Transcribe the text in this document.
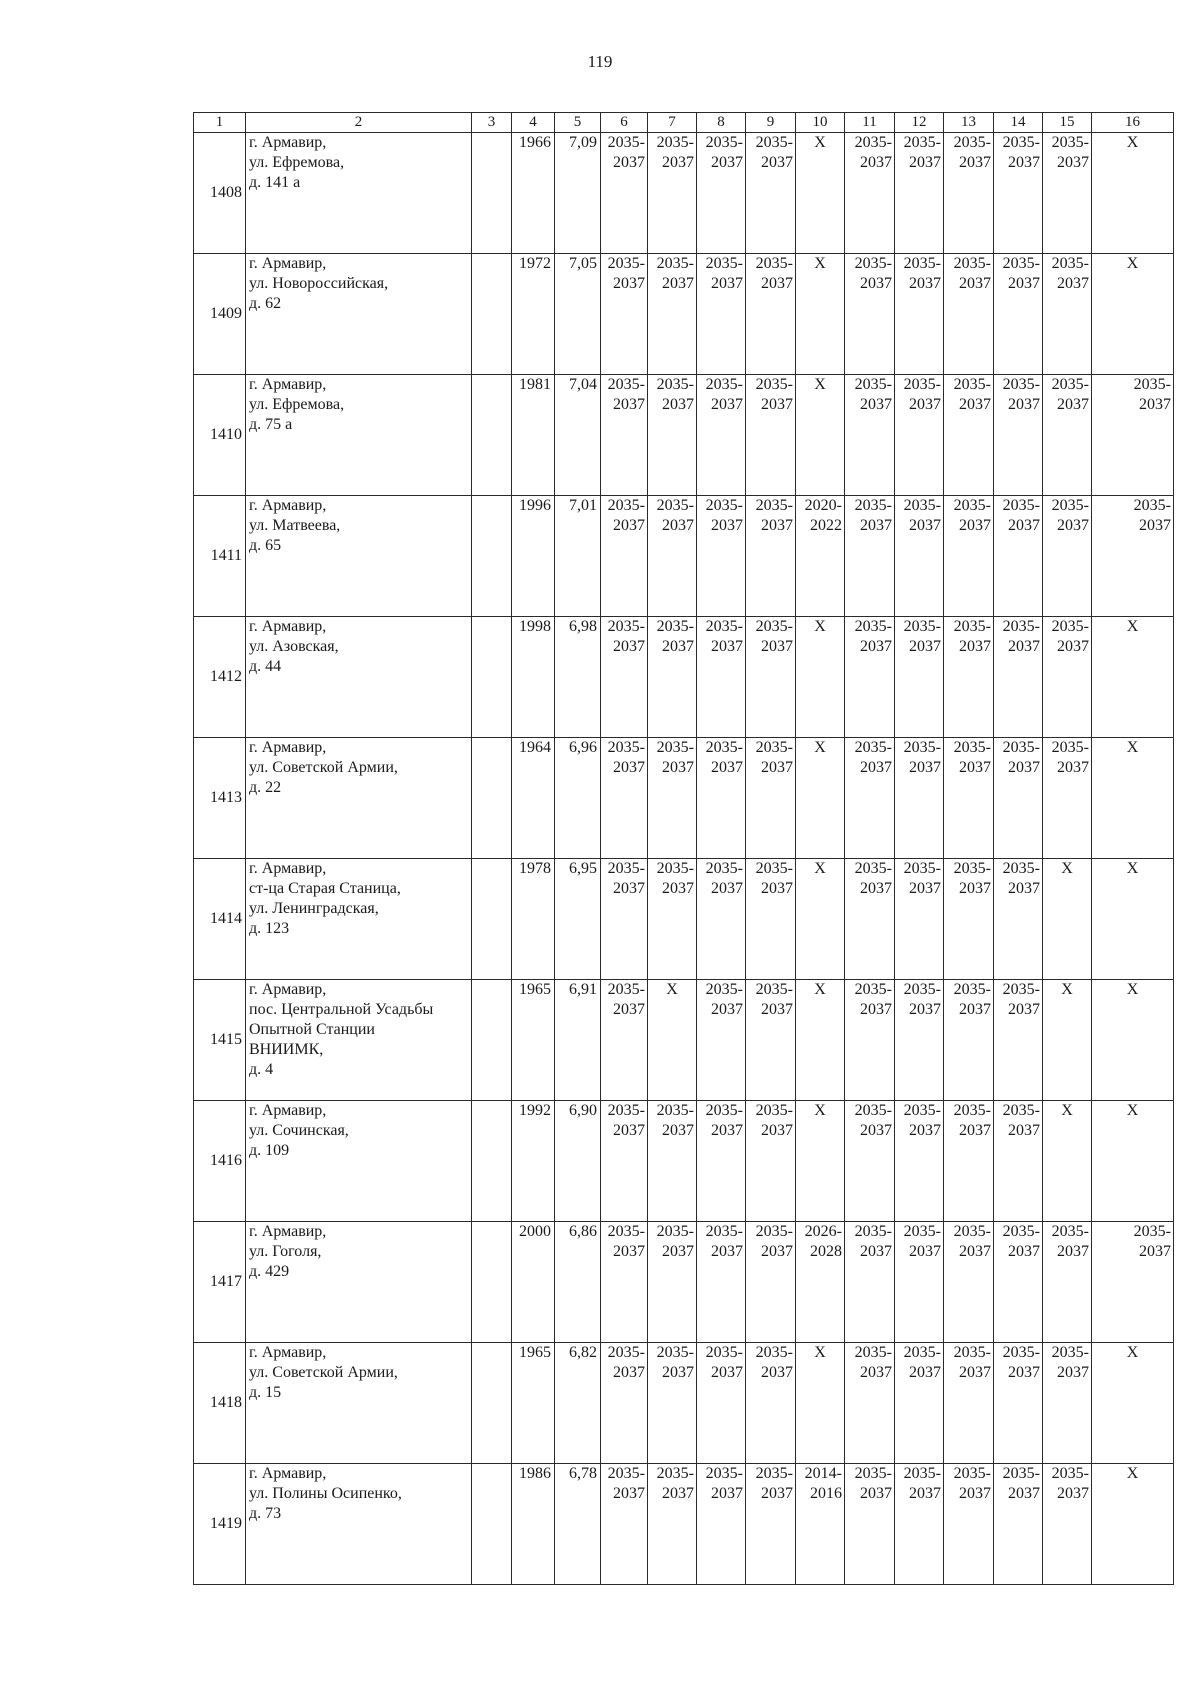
119
1	2	3	4	5	6	7	8	9	10	11	12	13	14	15	16
1408	г. Армавир,
ул. Ефремова,
д. 141 а		1966	7,09	2035-
2037	2035-
2037	2035-
2037	2035-
2037	X	2035-
2037	2035-
2037	2035-
2037	2035-
2037	2035-
2037	X

1409	г. Армавир,
ул. Новороссийская,
д. 62		1972	7,05	2035-
2037	2035-
2037	2035-
2037	2035-
2037	X	2035-
2037	2035-
2037	2035-
2037	2035-
2037	2035-
2037	X

1410	г. Армавир,
ул. Ефремова,
д. 75 а		1981	7,04	2035-
2037	2035-
2037	2035-
2037	2035-
2037	X	2035-
2037	2035-
2037	2035-
2037	2035-
2037	2035-
2037	2035-
2037

1411	г. Армавир,
ул. Матвеева,
д. 65		1996	7,01	2035-
2037	2035-
2037	2035-
2037	2035-
2037	2020-
2022	2035-
2037	2035-
2037	2035-
2037	2035-
2037	2035-
2037	2035-
2037

1412	г. Армавир,
ул. Азовская,
д. 44		1998	6,98	2035-
2037	2035-
2037	2035-
2037	2035-
2037	X	2035-
2037	2035-
2037	2035-
2037	2035-
2037	2035-
2037	X

1413	г. Армавир,
ул. Советской Армии,
д. 22		1964	6,96	2035-
2037	2035-
2037	2035-
2037	2035-
2037	X	2035-
2037	2035-
2037	2035-
2037	2035-
2037	2035-
2037	X

1414	г. Армавир,
ст-ца Старая Станица,
ул. Ленинградская,
д. 123		1978	6,95	2035-
2037	2035-
2037	2035-
2037	2035-
2037	X	2035-
2037	2035-
2037	2035-
2037	2035-
2037	X	X

1415	г. Армавир,
пос. Центральной Усадьбы
Опытной Станции
ВНИИМК,
д. 4		1965	6,91	2035-
2037	X	2035-
2037	2035-
2037	X	2035-
2037	2035-
2037	2035-
2037	2035-
2037	X	X

1416	г. Армавир,
ул. Сочинская,
д. 109		1992	6,90	2035-
2037	2035-
2037	2035-
2037	2035-
2037	X	2035-
2037	2035-
2037	2035-
2037	2035-
2037	X	X

1417	г. Армавир,
ул. Гоголя,
д. 429		2000	6,86	2035-
2037	2035-
2037	2035-
2037	2035-
2037	2026-
2028	2035-
2037	2035-
2037	2035-
2037	2035-
2037	2035-
2037	2035-
2037

1418	г. Армавир,
ул. Советской Армии,
д. 15		1965	6,82	2035-
2037	2035-
2037	2035-
2037	2035-
2037	X	2035-
2037	2035-
2037	2035-
2037	2035-
2037	2035-
2037	X

1419	г. Армавир,
ул. Полины Осипенко,
д. 73		1986	6,78	2035-
2037	2035-
2037	2035-
2037	2035-
2037	2014-
2016	2035-
2037	2035-
2037	2035-
2037	2035-
2037	2035-
2037	X
